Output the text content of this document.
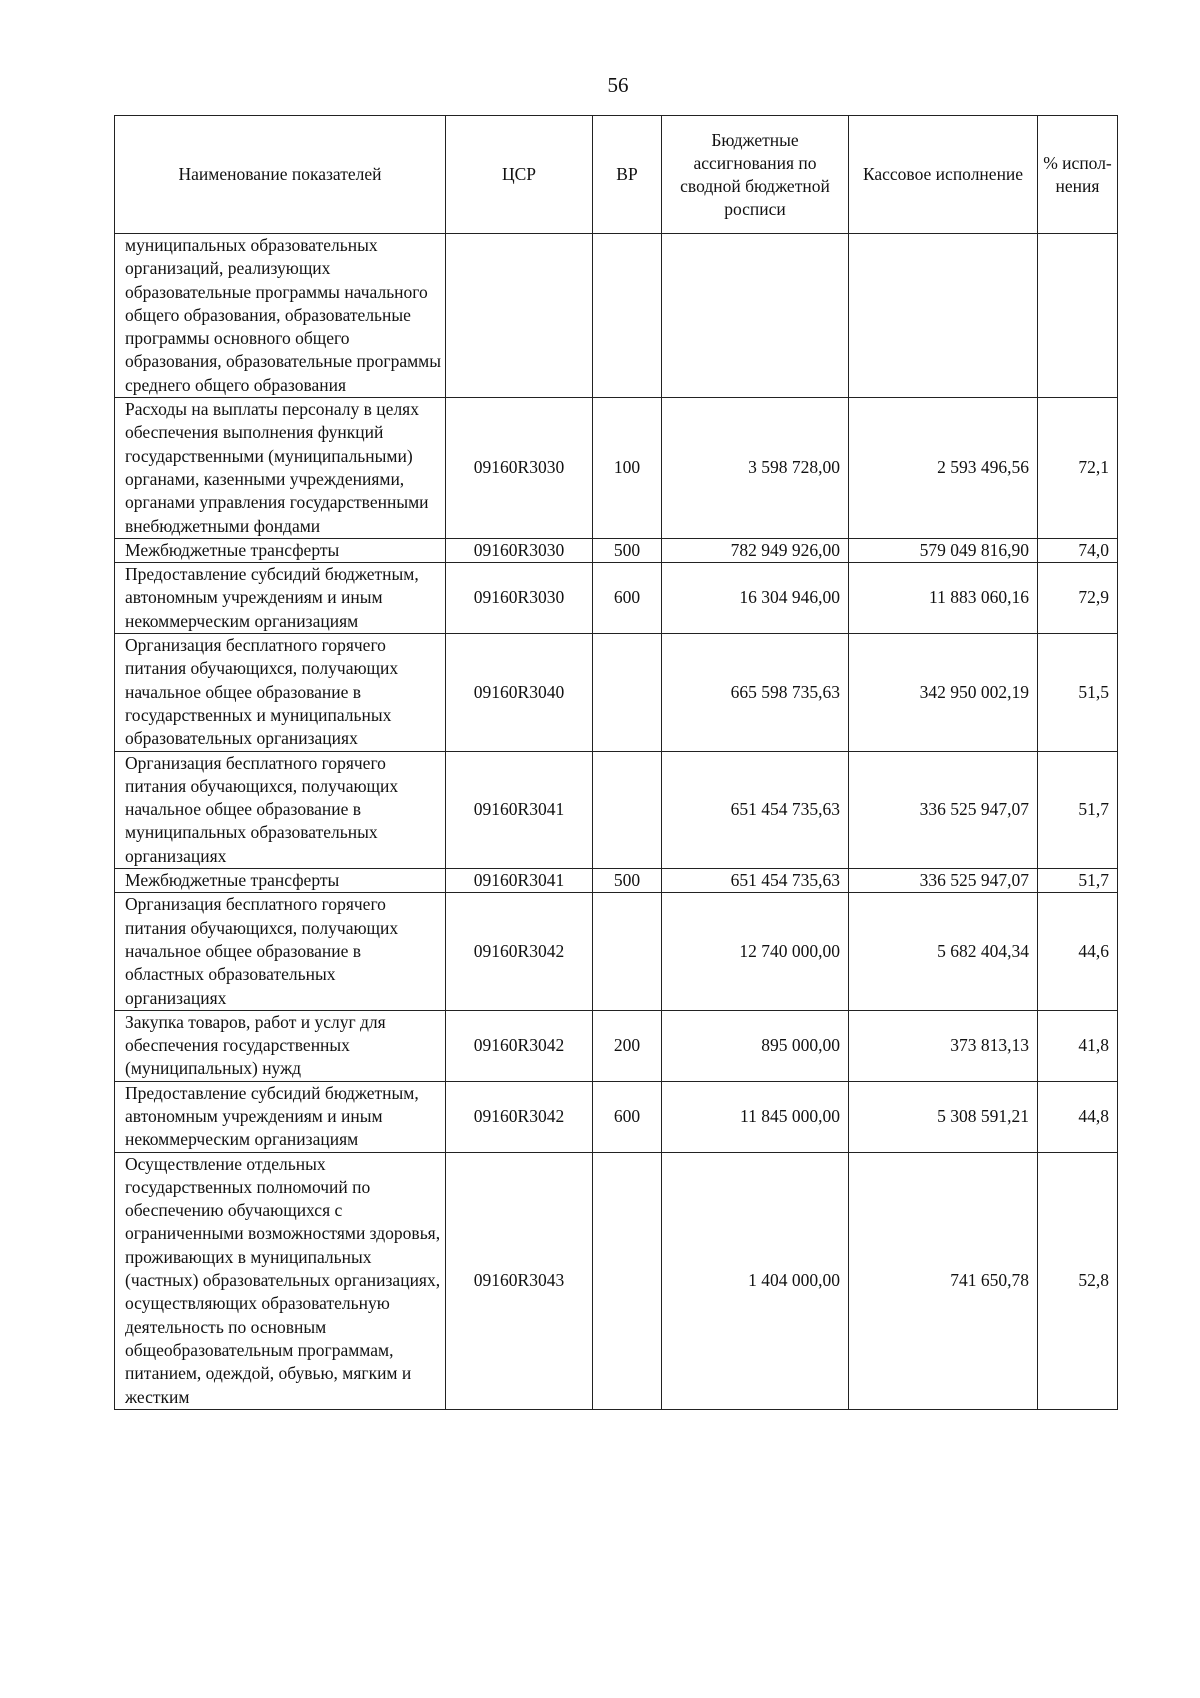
56
Наименование показателей	ЦСР	ВР	Бюджетные ассигнования по сводной бюджетной росписи	Кассовое исполнение	% испол-нения
муниципальных образовательных организаций, реализующих образовательные программы начального общего образования, образовательные программы основного общего образования, образовательные программы среднего общего образования					
Расходы на выплаты персоналу в целях обеспечения выполнения функций государственными (муниципальными) органами, казенными учреждениями, органами управления государственными внебюджетными фондами	09160R3030	100	3 598 728,00	2 593 496,56	72,1
Межбюджетные трансферты	09160R3030	500	782 949 926,00	579 049 816,90	74,0
Предоставление субсидий бюджетным, автономным учреждениям и иным некоммерческим организациям	09160R3030	600	16 304 946,00	11 883 060,16	72,9
Организация бесплатного горячего питания обучающихся, получающих начальное общее образование в государственных и муниципальных образовательных организациях	09160R3040		665 598 735,63	342 950 002,19	51,5
Организация бесплатного горячего питания обучающихся, получающих начальное общее образование в муниципальных образовательных организациях	09160R3041		651 454 735,63	336 525 947,07	51,7
Межбюджетные трансферты	09160R3041	500	651 454 735,63	336 525 947,07	51,7
Организация бесплатного горячего питания обучающихся, получающих начальное общее образование в областных образовательных организациях	09160R3042		12 740 000,00	5 682 404,34	44,6
Закупка товаров, работ и услуг для обеспечения государственных (муниципальных) нужд	09160R3042	200	895 000,00	373 813,13	41,8
Предоставление субсидий бюджетным, автономным учреждениям и иным некоммерческим организациям	09160R3042	600	11 845 000,00	5 308 591,21	44,8
Осуществление отдельных государственных полномочий по обеспечению обучающихся с ограниченными возможностями здоровья, проживающих в муниципальных (частных) образовательных организациях, осуществляющих образовательную деятельность по основным общеобразовательным программам, питанием, одеждой, обувью, мягким и жестким	09160R3043		1 404 000,00	741 650,78	52,8
